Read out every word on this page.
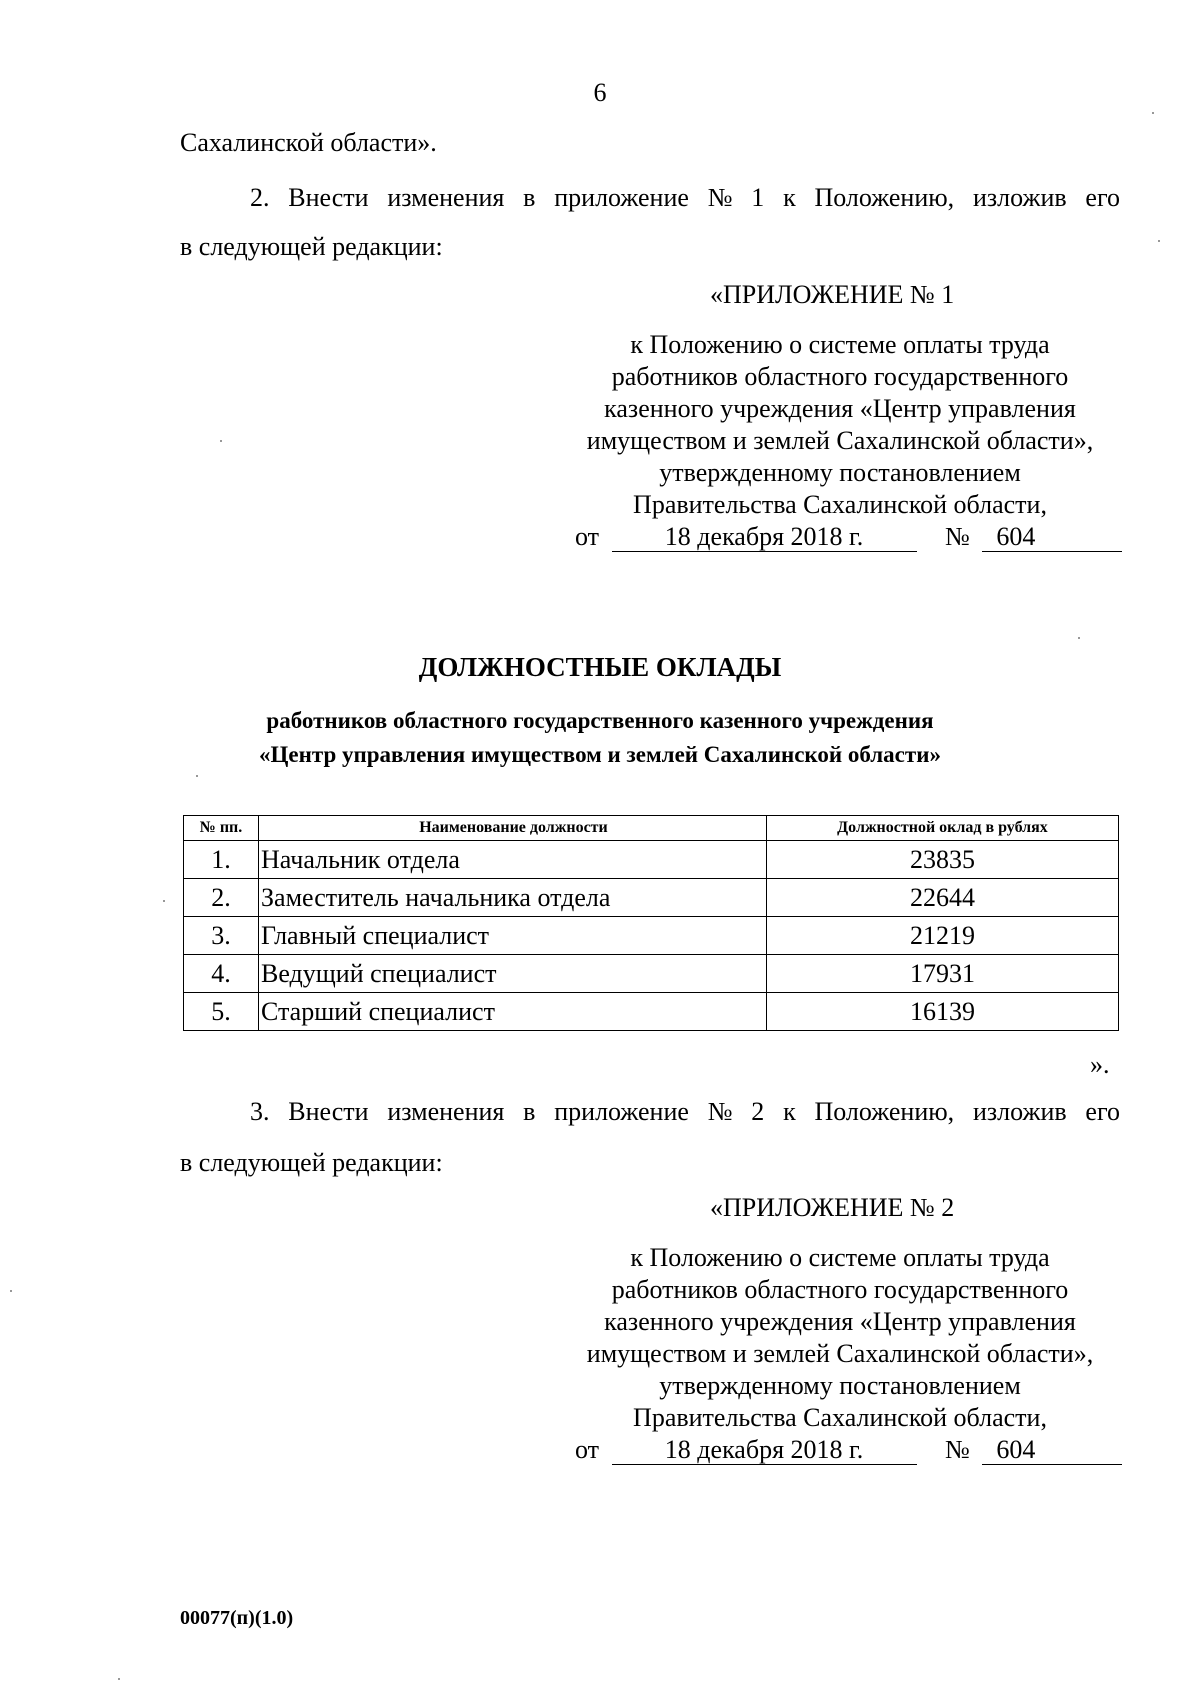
6
Сахалинской области».
2. Внести изменения в приложение № 1 к Положению, изложив его
в следующей редакции:
«ПРИЛОЖЕНИЕ № 1
к Положению о системе оплаты труда
работников областного государственного
казенного учреждения «Центр управления
имуществом и землей Сахалинской области»,
утвержденному постановлением
Правительства Сахалинской области,
от	18 декабря 2018 г.	№ 604
ДОЛЖНОСТНЫЕ ОКЛАДЫ
работников областного государственного казенного учреждения
«Центр управления имуществом и землей Сахалинской области»
№ пп.	Наименование должности	Должностной оклад в рублях
1.	Начальник отдела	23835
2.	Заместитель начальника отдела	22644
3.	Главный специалист	21219
4.	Ведущий специалист	17931
5.	Старший специалист	16139
».
3. Внести изменения в приложение № 2 к Положению, изложив его
в следующей редакции:
«ПРИЛОЖЕНИЕ № 2
к Положению о системе оплаты труда
работников областного государственного
казенного учреждения «Центр управления
имуществом и землей Сахалинской области»,
утвержденному постановлением
Правительства Сахалинской области,
от	18 декабря 2018 г.	№ 604
00077(п)(1.0)
